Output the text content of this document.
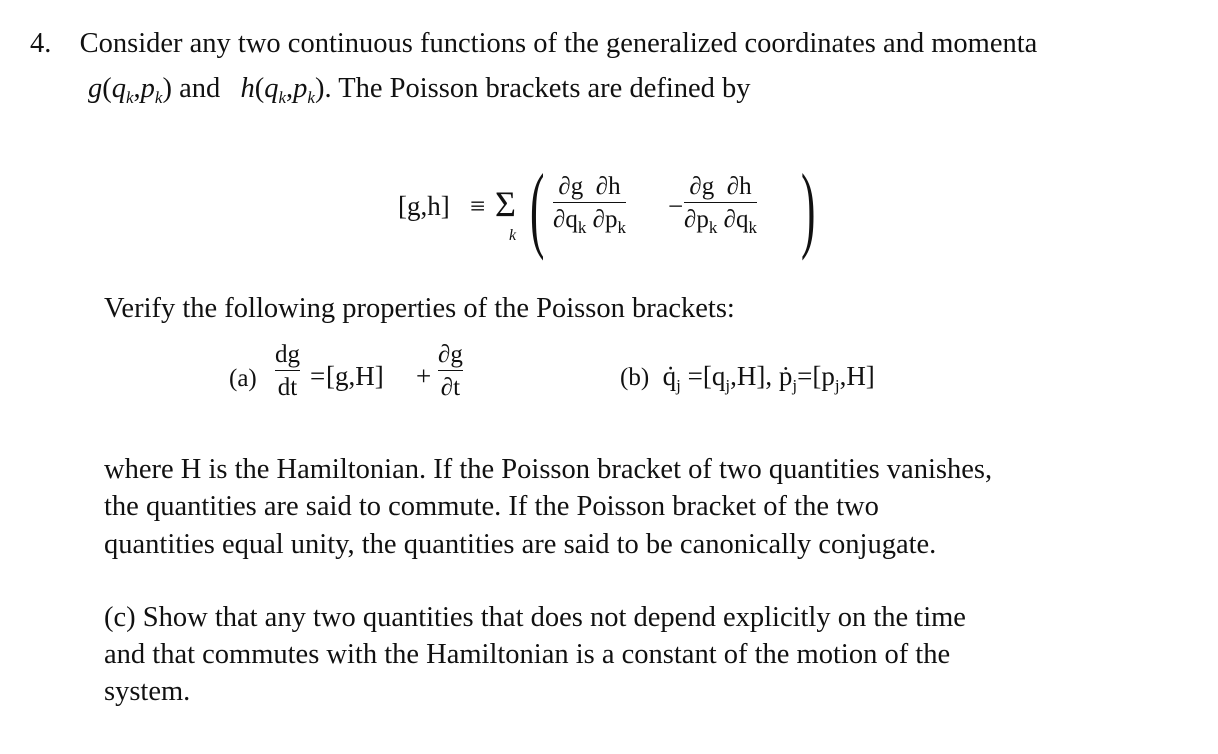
4. Consider any two continuous functions of the generalized coordinates and momenta
$g(q_k,p_k)$ and $h(q_k,p_k)$. The Poisson brackets are defined by
[g,h] ≡ Σ
k ( ∂g ∂h
$\partial q_k$ $\partial p_k$
−
∂g ∂h
$\partial p_k$ $\partial q_k$ )
Verify the following properties of the Poisson brackets:
(a)
dg
dt = [g,H] +
∂g
∂t	(b) $q̇_j =[q_j,H]$, $ṗ_j=[p_j,H]$
where H is the Hamiltonian. If the Poisson bracket of two quantities vanishes,
the quantities are said to commute. If the Poisson bracket of the two
quantities equal unity, the quantities are said to be canonically conjugate.
(c) Show that any two quantities that does not depend explicitly on the time
and that commutes with the Hamiltonian is a constant of the motion of the
system.
